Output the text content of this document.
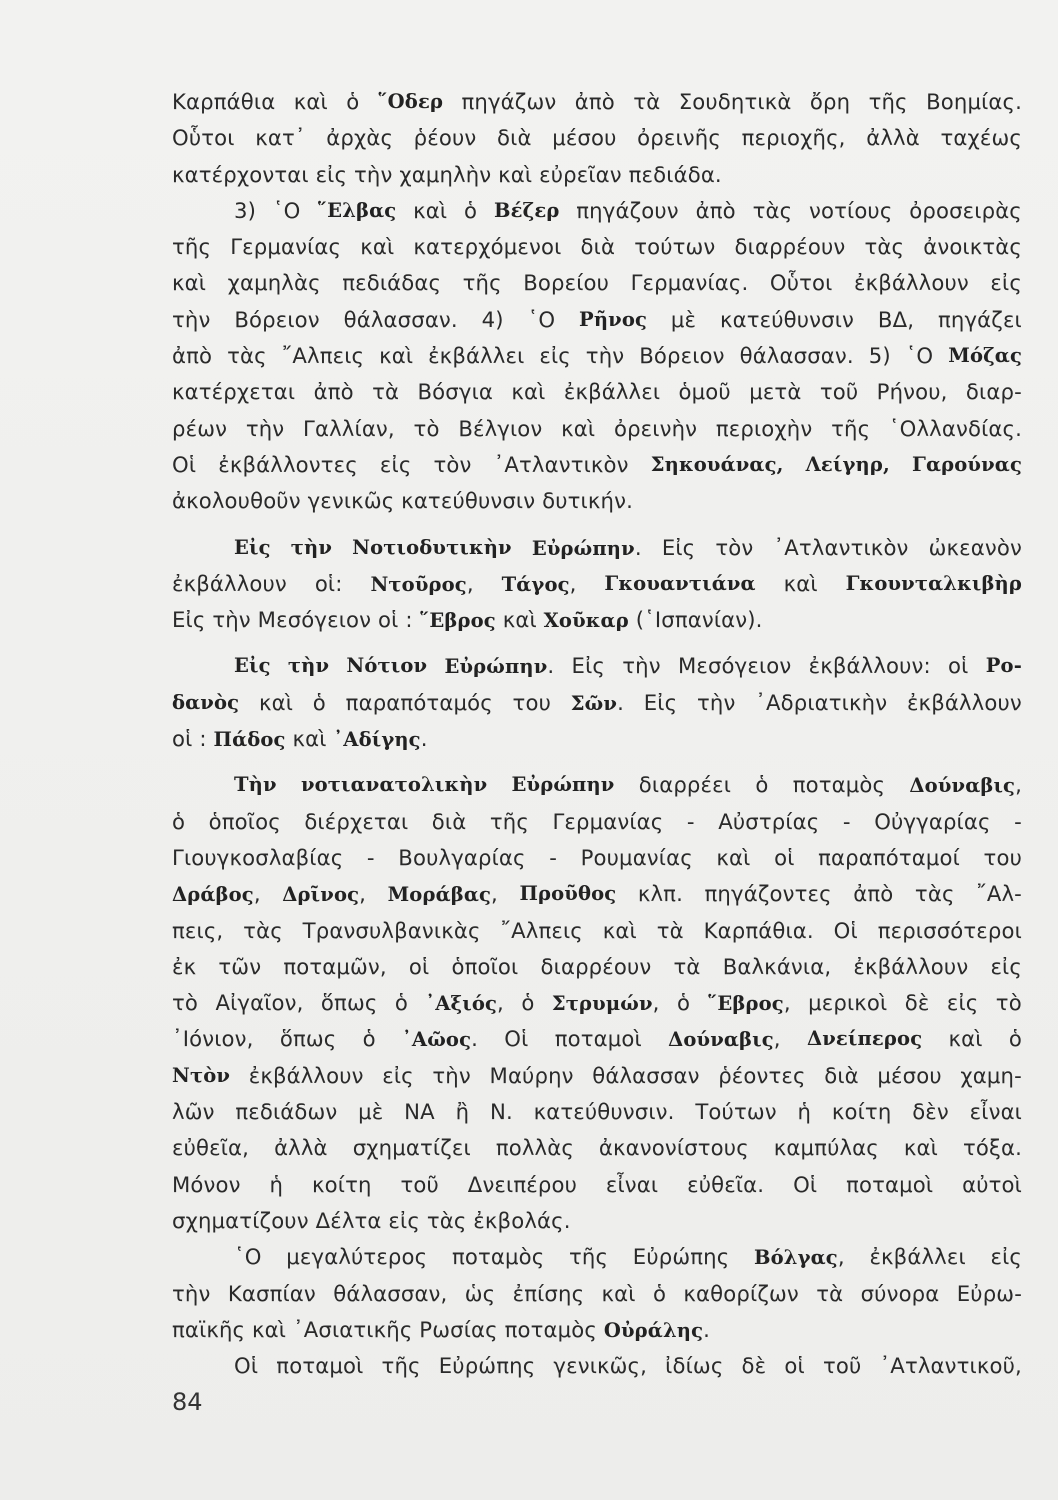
Καρπάθια καὶ ὁ ῞Οδερ πηγάζων ἀπὸ τὰ Σουδητικὰ ὄρη τῆς Βοημίας.
Οὗτοι κατ᾽ ἀρχὰς ῥέουν διὰ μέσου ὀρεινῆς περιοχῆς, ἀλλὰ ταχέως
κατέρχονται εἰς τὴν χαμηλὴν καὶ εὐρεῖαν πεδιάδα.
3) ῾Ο ῞Ελβας καὶ ὁ Βέζερ πηγάζουν ἀπὸ τὰς νοτίους ὀροσειρὰς
τῆς Γερμανίας καὶ κατερχόμενοι διὰ τούτων διαρρέουν τὰς ἀνοικτὰς
καὶ χαμηλὰς πεδιάδας τῆς Βορείου Γερμανίας. Οὗτοι ἐκβάλλουν εἰς
τὴν Βόρειον θάλασσαν. 4) ῾Ο Ρῆνος μὲ κατεύθυνσιν ΒΔ, πηγάζει
ἀπὸ τὰς ῎Αλπεις καὶ ἐκβάλλει εἰς τὴν Βόρειον θάλασσαν. 5) ῾Ο Μόζας
κατέρχεται ἀπὸ τὰ Βόσγια καὶ ἐκβάλλει ὁμοῦ μετὰ τοῦ Ρήνου, διαρ-
ρέων τὴν Γαλλίαν, τὸ Βέλγιον καὶ ὀρεινὴν περιοχὴν τῆς ῾Ολλανδίας.
Οἱ ἐκβάλλοντες εἰς τὸν ᾽Ατλαντικὸν Σηκουάνας, Λείγηρ, Γαρούνας
ἀκολουθοῦν γενικῶς κατεύθυνσιν δυτικήν.
Εἰς τὴν Νοτιοδυτικὴν Εὐρώπην. Εἰς τὸν ᾽Ατλαντικὸν ὠκεανὸν
ἐκβάλλουν οἱ: Ντοῦρος, Τάγος, Γκουαντιάνα καὶ Γκουνταλκιβὴρ
Εἰς τὴν Μεσόγειον οἱ : ῞Εβρος καὶ Χοῦκαρ (῾Ισπανίαν).
Εἰς τὴν Νότιον Εὐρώπην. Εἰς τὴν Μεσόγειον ἐκβάλλουν: οἱ Ρο-
δανὸς καὶ ὁ παραπόταμός του Σῶν. Εἰς τὴν ᾽Αδριατικὴν ἐκβάλλουν
οἱ : Πάδος καὶ ᾽Αδίγης.
Τὴν νοτιανατολικὴν Εὐρώπην διαρρέει ὁ ποταμὸς Δούναβις,
ὁ ὁποῖος διέρχεται διὰ τῆς Γερμανίας - Αὐστρίας - Οὐγγαρίας -
Γιουγκοσλαβίας - Βουλγαρίας - Ρουμανίας καὶ οἱ παραπόταμοί του
Δράβος, Δρῖνος, Μοράβας, Προῦθος κλπ. πηγάζοντες ἀπὸ τὰς ῎Αλ-
πεις, τὰς Τρανσυλβανικὰς ῎Αλπεις καὶ τὰ Καρπάθια. Οἱ περισσότεροι
ἐκ τῶν ποταμῶν, οἱ ὁποῖοι διαρρέουν τὰ Βαλκάνια, ἐκβάλλουν εἰς
τὸ Αἰγαῖον, ὅπως ὁ ᾽Αξιός, ὁ Στρυμών, ὁ ῞Εβρος, μερικοὶ δὲ εἰς τὸ
᾽Ιόνιον, ὅπως ὁ ᾽Αῶος. Οἱ ποταμοὶ Δούναβις, Δνείπερος καὶ ὁ
Ντὸν ἐκβάλλουν εἰς τὴν Μαύρην θάλασσαν ῥέοντες διὰ μέσου χαμη-
λῶν πεδιάδων μὲ ΝΑ ἢ Ν. κατεύθυνσιν. Τούτων ἡ κοίτη δὲν εἶναι
εὐθεῖα, ἀλλὰ σχηματίζει πολλὰς ἀκανονίστους καμπύλας καὶ τόξα.
Μόνον ἡ κοίτη τοῦ Δνειπέρου εἶναι εὐθεῖα. Οἱ ποταμοὶ αὐτοὶ
σχηματίζουν Δέλτα εἰς τὰς ἐκβολάς.
῾Ο μεγαλύτερος ποταμὸς τῆς Εὐρώπης Βόλγας, ἐκβάλλει εἰς
τὴν Κασπίαν θάλασσαν, ὡς ἐπίσης καὶ ὁ καθορίζων τὰ σύνορα Εὐρω-
παϊκῆς καὶ ᾽Ασιατικῆς Ρωσίας ποταμὸς Οὐράλης.
Οἱ ποταμοὶ τῆς Εὐρώπης γενικῶς, ἰδίως δὲ οἱ τοῦ ᾽Ατλαντικοῦ,
84
